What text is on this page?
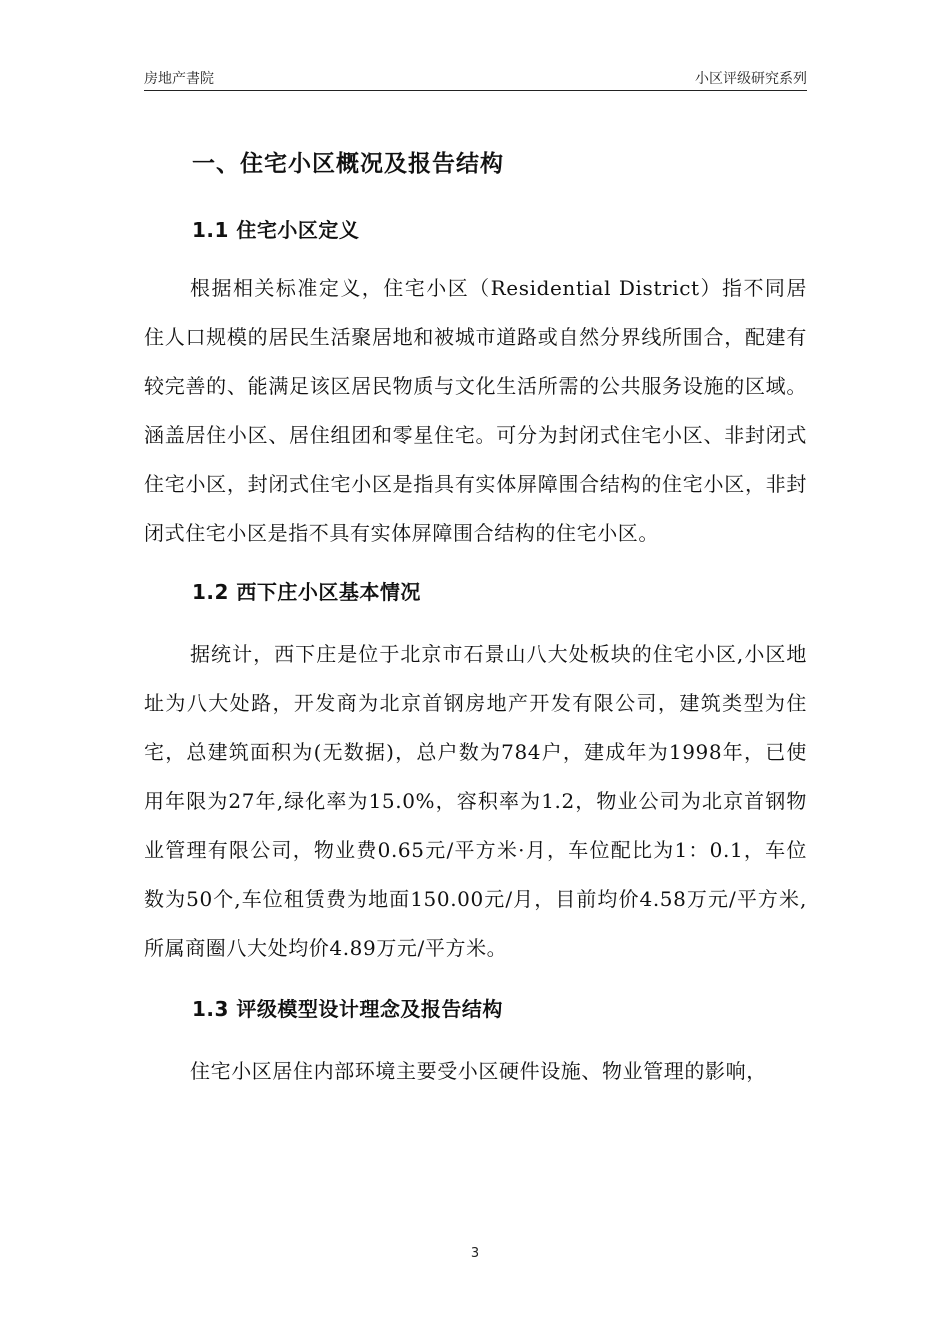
房地产書院	小区评级研究系列
一、住宅小区概况及报告结构
1.1 住宅小区定义

根据相关标准定义，住宅小区（Residential District）指不同居住人口规模的居民生活聚居地和被城市道路或自然分界线所围合，配建有较完善的、能满足该区居民物质与文化生活所需的公共服务设施的区域。涵盖居住小区、居住组团和零星住宅。可分为封闭式住宅小区、非封闭式住宅小区，封闭式住宅小区是指具有实体屏障围合结构的住宅小区，非封闭式住宅小区是指不具有实体屏障围合结构的住宅小区。

1.2 西下庄小区基本情况

据统计，西下庄是位于北京市石景山八大处板块的住宅小区,小区地址为八大处路，开发商为北京首钢房地产开发有限公司，建筑类型为住宅，总建筑面积为(无数据)，总户数为784户，建成年为1998年，已使用年限为27年,绿化率为15.0%，容积率为1.2，物业公司为北京首钢物业管理有限公司，物业费0.65元/平方米·月，车位配比为1：0.1，车位数为50个,车位租赁费为地面150.00元/月，目前均价4.58万元/平方米,所属商圈八大处均价4.89万元/平方米。

1.3 评级模型设计理念及报告结构

住宅小区居住内部环境主要受小区硬件设施、物业管理的影响，

3
